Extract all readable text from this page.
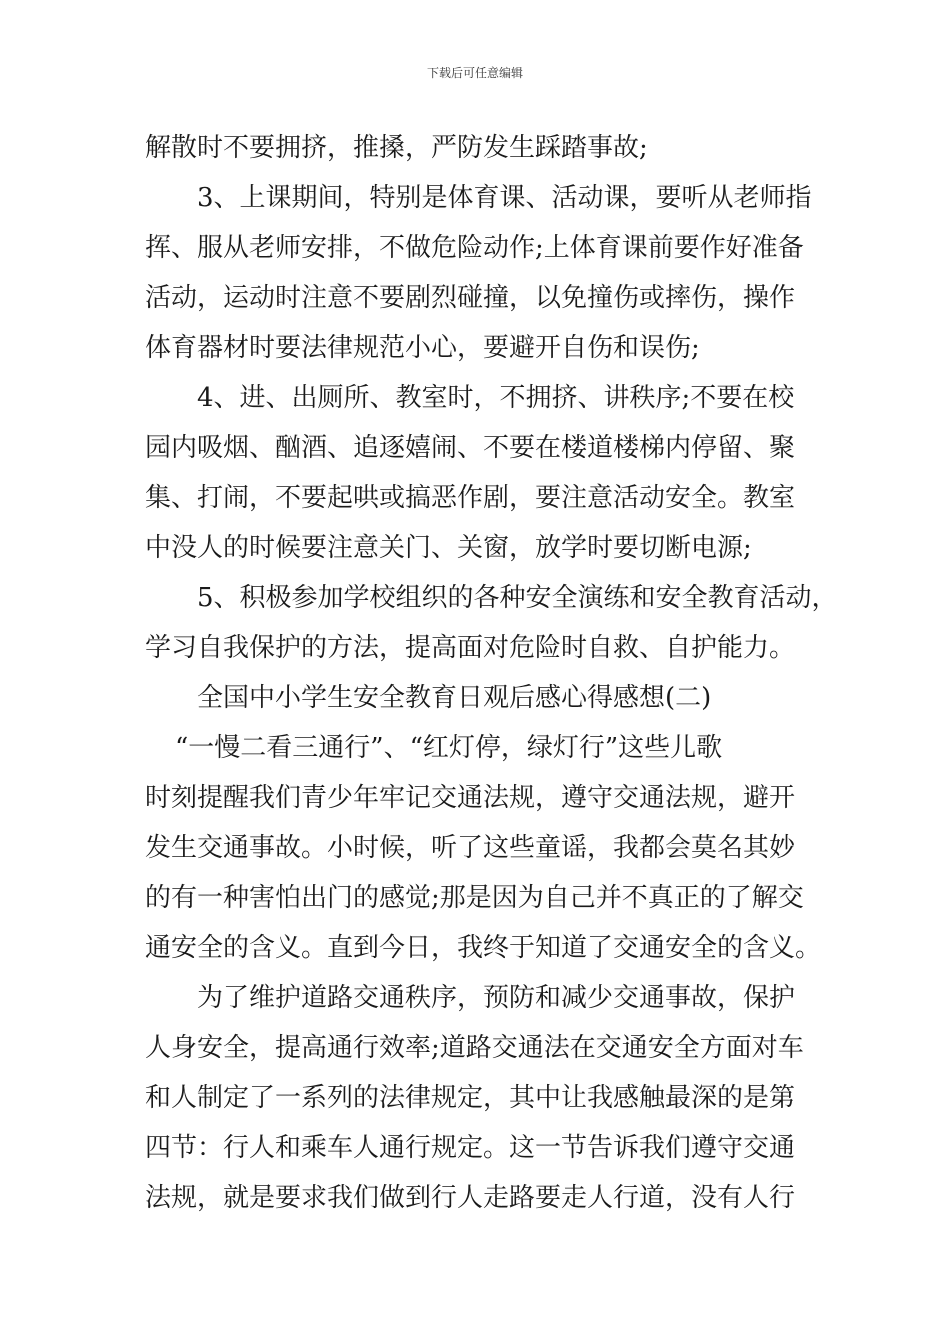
下载后可任意编辑
解散时不要拥挤，推搡，严防发生踩踏事故;
3、上课期间，特别是体育课、活动课，要听从老师指
挥、服从老师安排，不做危险动作;上体育课前要作好准备
活动，运动时注意不要剧烈碰撞，以免撞伤或摔伤，操作
体育器材时要法律规范小心，要避开自伤和误伤;
4、进、出厕所、教室时，不拥挤、讲秩序;不要在校
园内吸烟、酗酒、追逐嬉闹、不要在楼道楼梯内停留、聚
集、打闹，不要起哄或搞恶作剧，要注意活动安全。教室
中没人的时候要注意关门、关窗，放学时要切断电源;
5、积极参加学校组织的各种安全演练和安全教育活动，
学习自我保护的方法，提高面对危险时自救、自护能力。
全国中小学生安全教育日观后感心得感想(二)
“一慢二看三通行”、“红灯停，绿灯行”这些儿歌
时刻提醒我们青少年牢记交通法规，遵守交通法规，避开
发生交通事故。小时候，听了这些童谣，我都会莫名其妙
的有一种害怕出门的感觉;那是因为自己并不真正的了解交
通安全的含义。直到今日，我终于知道了交通安全的含义。
为了维护道路交通秩序，预防和减少交通事故，保护
人身安全，提高通行效率;道路交通法在交通安全方面对车
和人制定了一系列的法律规定，其中让我感触最深的是第
四节：行人和乘车人通行规定。这一节告诉我们遵守交通
法规，就是要求我们做到行人走路要走人行道，没有人行
